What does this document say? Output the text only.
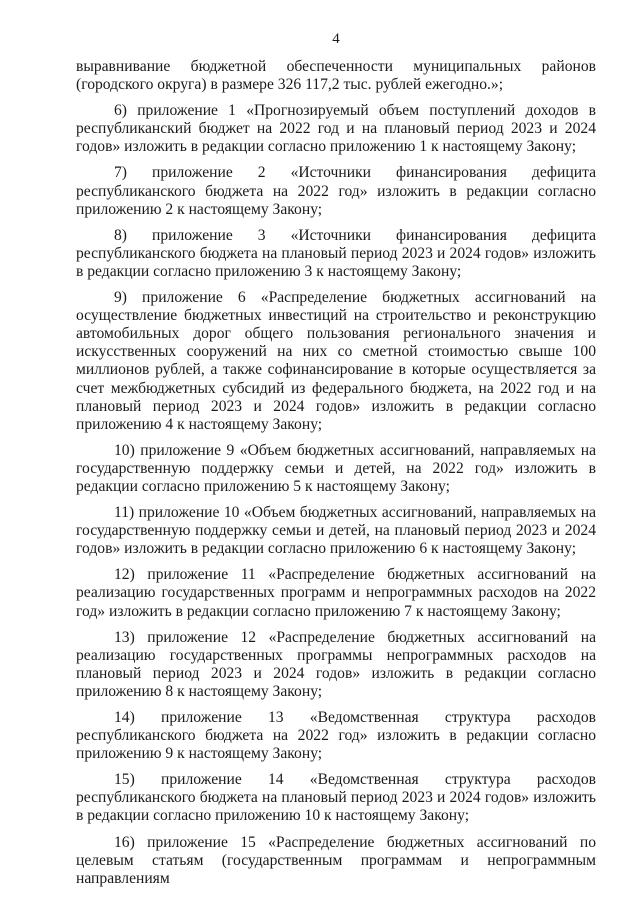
4

выравнивание бюджетной обеспеченности муниципальных районов (городского округа) в размере 326 117,2 тыс. рублей ежегодно.»;

6) приложение 1 «Прогнозируемый объем поступлений доходов в республиканский бюджет на 2022 год и на плановый период 2023 и 2024 годов» изложить в редакции согласно приложению 1 к настоящему Закону;

7) приложение 2 «Источники финансирования дефицита республиканского бюджета на 2022 год» изложить в редакции согласно приложению 2 к настоящему Закону;

8) приложение 3 «Источники финансирования дефицита республиканского бюджета на плановый период 2023 и 2024 годов» изложить в редакции согласно приложению 3 к настоящему Закону;

9) приложение 6 «Распределение бюджетных ассигнований на осуществление бюджетных инвестиций на строительство и реконструкцию автомобильных дорог общего пользования регионального значения и искусственных сооружений на них со сметной стоимостью свыше 100 миллионов рублей, а также софинансирование в которые осуществляется за счет межбюджетных субсидий из федерального бюджета, на 2022 год и на плановый период 2023 и 2024 годов» изложить в редакции согласно приложению 4 к настоящему Закону;

10) приложение 9 «Объем бюджетных ассигнований, направляемых на государственную поддержку семьи и детей, на 2022 год» изложить в редакции согласно приложению 5 к настоящему Закону;

11) приложение 10 «Объем бюджетных ассигнований, направляемых на государственную поддержку семьи и детей, на плановый период 2023 и 2024 годов» изложить в редакции согласно приложению 6 к настоящему Закону;

12) приложение 11 «Распределение бюджетных ассигнований на реализацию государственных программ и непрограммных расходов на 2022 год» изложить в редакции согласно приложению 7 к настоящему Закону;

13) приложение 12 «Распределение бюджетных ассигнований на реализацию государственных программы непрограммных расходов на плановый период 2023 и 2024 годов» изложить в редакции согласно приложению 8 к настоящему Закону;

14) приложение 13 «Ведомственная структура расходов республиканского бюджета на 2022 год» изложить в редакции согласно приложению 9 к настоящему Закону;

15) приложение 14 «Ведомственная структура расходов республиканского бюджета на плановый период 2023 и 2024 годов» изложить в редакции согласно приложению 10 к настоящему Закону;

16) приложение 15 «Распределение бюджетных ассигнований по целевым статьям (государственным программам и непрограммным направлениям
